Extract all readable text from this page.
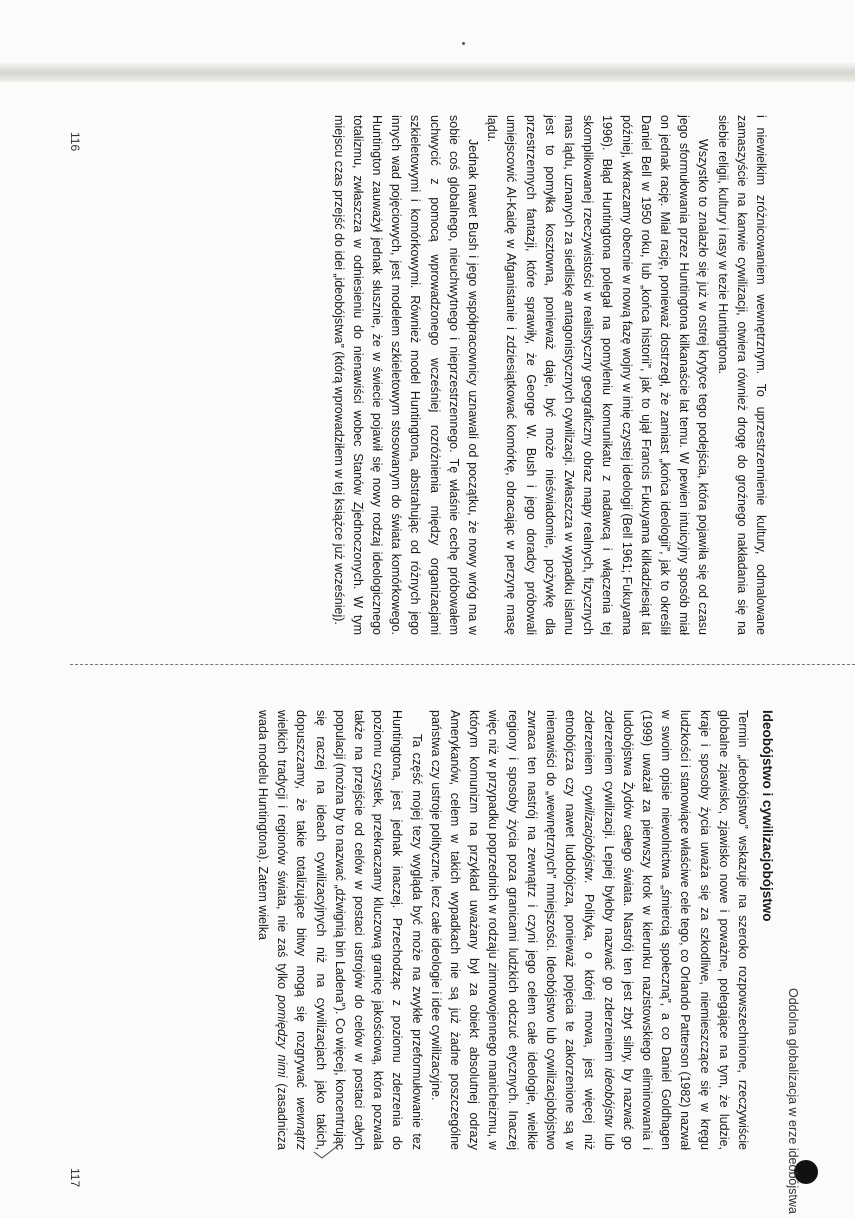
116	i niewielkim zróżnicowaniem wewnętrznym. To uprzestrzennienie kultury, odmalowane zamaszyście na kanwie cywilizacji, otwiera również drogę do groźnego nakładania się na siebie religii, kultury i rasy w tezie Huntingtona.

Wszystko to znalazło się już w ostrej krytyce tego podejścia, która pojawiła się od czasu jego sformułowania przez Huntingtona kilkanaście lat temu. W pewien intuicyjny sposób miał on jednak rację. Miał rację, ponieważ dostrzegł, że zamiast „końca ideologii”, jak to określił Daniel Bell w 1950 roku, lub „końca historii”, jak to ujął Francis Fukuyama kilkadziesiąt lat później, wkraczamy obecnie w nową fazę wojny w imię czystej ideologii (Bell 1961; Fukuyama 1996). Błąd Huntingtona polegał na pomyleniu komunikatu z nadawcą i włączenia tej skomplikowanej rzeczywistości w realistyczny geograficzny obraz mapy realnych, fizycznych mas lądu, uznanych za siedliskę antagonistycznych cywilizacji. Zwłaszcza w wypadku islamu jest to pomyłka kosztowna, ponieważ daje, być może nieświadomie, pożywkę dla przestrzennych fantazji, które sprawiły, że George W. Bush i jego doradcy próbowali umiejscowić Al-Kaidę w Afganistanie i zdziesiątkować komórkę, obracając w perzynę masę lądu.

Jednak nawet Bush i jego współpracownicy uznawali od początku, że nowy wróg ma w sobie coś globalnego, nieuchwytnego i nieprzestrzennego. Tę właśnie cechę próbowałem uchwycić z pomocą wprowadzonego wcześniej rozróżnienia między organizacjami szkieletowymi i komórkowymi. Również model Huntingtona, abstrahując od różnych jego innych wad pojęciowych, jest modelem szkieletowym stosowanym do świata komórkowego. Huntington zauważył jednak słusznie, że w świecie pojawił się nowy rodzaj ideologicznego totalizmu, zwłaszcza w odniesieniu do nienawiści wobec Stanów Zjednoczonych. W tym miejscu czas przejść do idei „ideobójstwa” (którą wprowadziłem w tej książce już wcześniej).

Oddolna globalizacja w erze ideobójstwa
117
Ideobójstwo i cywilizacjobójstwo

Termin „ideobójstwo” wskazuje na szeroko rozpowszechnione, rzeczywiście globalne zjawisko, zjawisko nowe i poważne, polegające na tym, że ludzie, kraje i sposoby życia uważa się za szkodliwe, niemieszczące się w kręgu ludzkości i stanowiące właściwe cele tego, co Orlando Patterson (1982) nazwał w swoim opisie niewolnictwa „śmiercią społeczną”, a co Daniel Goldhagen (1999) uważał za pierwszy krok w kierunku nazistowskiego eliminowania i ludobójstwa Żydów całego świata. Nastrój ten jest zbyt silny, by nazwać go zderzeniem cywilizacji. Lepiej byłoby nazwać go zderzeniem ideobójstw lub zderzeniem cywilizacjobójstw. Polityka, o której mowa, jest więcej niż etnobójcza czy nawet ludobójcza, ponieważ pojęcia te zakorzenione są w nienawiści do „wewnętrznych” mniejszości. Ideobójstwo lub cywilizacjobójstwo zwraca ten nastrój na zewnątrz i czyni jego celem całe ideologie, wielkie regiony i sposoby życia poza granicami ludzkich odczuć etycznych. Inaczej więc niż w przypadku poprzednich w rodzaju zimnowojennego manicheizmu, w którym komunizm na przykład uważany był za obiekt absolutnej odrazy Amerykanów, celem w takich wypadkach nie są już żadne poszczególne państwa czy ustroje polityczne, lecz całe ideologie i idee cywilizacyjne.

Ta część mojej tezy wygląda być może na zwykłe przeformułowanie tez Huntingtona, jest jednak inaczej. Przechodząc z poziomu zderzenia do poziomu czystek, przekraczamy kluczową granicę jakościową, która pozwala także na przejście od celów w postaci ustrojów do celów w postaci całych populacji (można by to nazwać „dźwignią bin Ladena”). Co więcej, koncentrując się raczej na ideach cywilizacyjnych niż na cywilizacjach jako takich, dopuszczamy, że takie totalizujące bitwy mogą się rozgrywać wewnątrz wielkich tradycji i regionów świata, nie zaś tylko pomiędzy nimi (zasadnicza wada modelu Huntingtona). Zatem wielka
